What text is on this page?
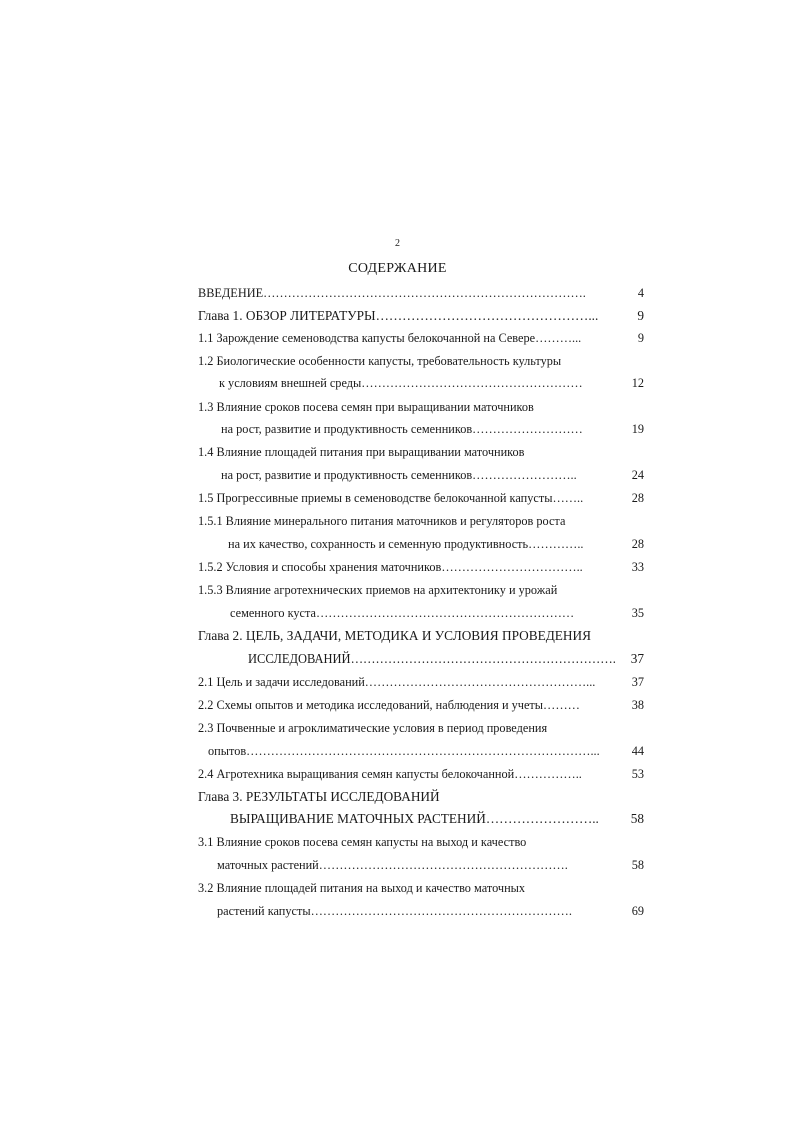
2
СОДЕРЖАНИЕ
ВВЕДЕНИЕ…………………………………………………………………….	4
Глава 1. ОБЗОР ЛИТЕРАТУРЫ…………………………………………...	9
1.1 Зарождение семеноводства капусты белокочанной на Севере………...	9
1.2 Биологические особенности капусты, требовательность культуры
к условиям внешней среды………………………………………………	12
1.3 Влияние сроков посева семян при выращивании маточников
на рост, развитие и продуктивность семенников………………………	19
1.4 Влияние площадей питания при выращивании маточников
на рост, развитие и продуктивность семенников……………………..	24
1.5 Прогрессивные приемы в семеноводстве белокочанной капусты……..	28
1.5.1 Влияние минерального питания маточников и регуляторов роста
на их качество, сохранность и семенную продуктивность…………..	28
1.5.2 Условия и способы хранения маточников……………………………..	33
1.5.3 Влияние агротехнических приемов на архитектонику и урожай
семенного куста………………………………………………………	35
Глава 2. ЦЕЛЬ, ЗАДАЧИ, МЕТОДИКА И УСЛОВИЯ ПРОВЕДЕНИЯ
ИССЛЕДОВАНИЙ………………………………………………………. 37
2.1 Цель и задачи исследований………………………………………………...	37
2.2 Схемы опытов и методика исследований, наблюдения и учеты………	38
2.3 Почвенные и агроклиматические условия в период проведения
опытов…………………………………………………………………………...	44
2.4 Агротехника выращивания семян капусты белокочанной……………..	53
Глава 3. РЕЗУЛЬТАТЫ ИССЛЕДОВАНИЙ
ВЫРАЩИВАНИЕ МАТОЧНЫХ РАСТЕНИЙ…………………….. 58
3.1 Влияние сроков посева семян капусты на выход и качество
маточных растений…………………………………………………….	58
3.2 Влияние площадей питания на выход и качество маточных
растений капусты……………………………………………………….	69
